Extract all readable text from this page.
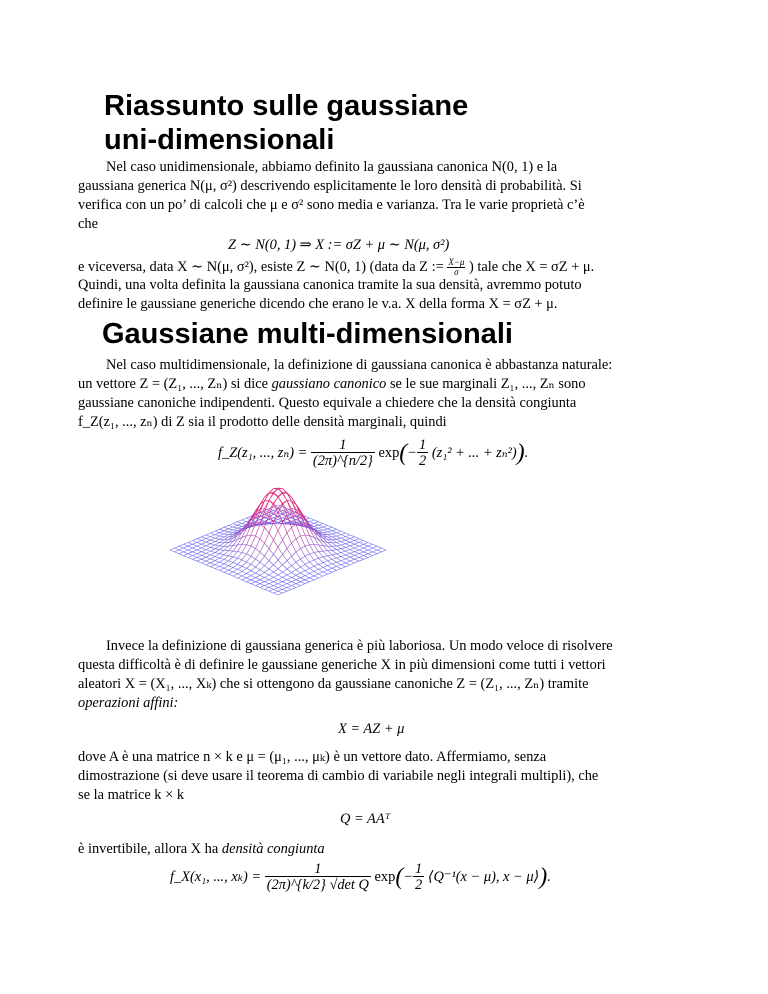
Riassunto sulle gaussiane
uni-dimensionali

Nel caso unidimensionale, abbiamo definito la gaussiana canonica N(0, 1) e la

gaussiana generica N(μ, σ²) descrivendo esplicitamente le loro densità di probabilità. Si

verifica con un po’ di calcoli che μ e σ² sono media e varianza. Tra le varie proprietà c’è

che

Z ∼ N(0, 1) ⇒ X := σZ + μ ∼ N(μ, σ²)
e viceversa, data X ∼ N(μ, σ²), esiste Z ∼ N(0, 1) (data da Z := $\frac{X-\mu}{\sigma}$ ) tale che X = σZ + μ.

Quindi, una volta definita la gaussiana canonica tramite la sua densità, avremmo potuto

definire le gaussiane generiche dicendo che erano le v.a. X della forma X = σZ + μ.

Gaussiane multi-dimensionali

Nel caso multidimensionale, la definizione di gaussiana canonica è abbastanza naturale:

un vettore Z = (Z₁, ..., Zₙ) si dice gaussiano canonico se le sue marginali Z₁, ..., Zₙ sono

gaussiane canoniche indipendenti. Questo equivale a chiedere che la densità congiunta

f_Z(z₁, ..., zₙ) di Z sia il prodotto delle densità marginali, quindi

f_Z(z₁, ..., $z_n) = \frac{1}{(2\pi)\^{}\{n/2\}} \exp(- \frac{1}{2} (z_1^2$ + ... + zₙ²)).

Invece la definizione di gaussiana generica è più laboriosa. Un modo veloce di risolvere

questa difficoltà è di definire le gaussiane generiche X in più dimensioni come tutti i vettori

aleatori X = (X₁, ..., Xₖ) che si ottengono da gaussiane canoniche Z = (Z₁, ..., Zₙ) tramite

operazioni affini:

X = AZ + μ

dove A è una matrice n × k e μ = (μ₁, ..., μₖ) è un vettore dato. Affermiamo, senza

dimostrazione (si deve usare il teorema di cambio di variabile negli integrali multipli), che

se la matrice k × k

Q = AAᵀ
è invertibile, allora X ha densità congiunta
f_X(x₁, ..., $x_k) = \frac{1}{\text{(2π)\textasciicircum{}\{k/2\} √det Q}} \exp(- \frac{1}{2}$ ⟨Q⁻¹(x − μ), x − μ⟩).
